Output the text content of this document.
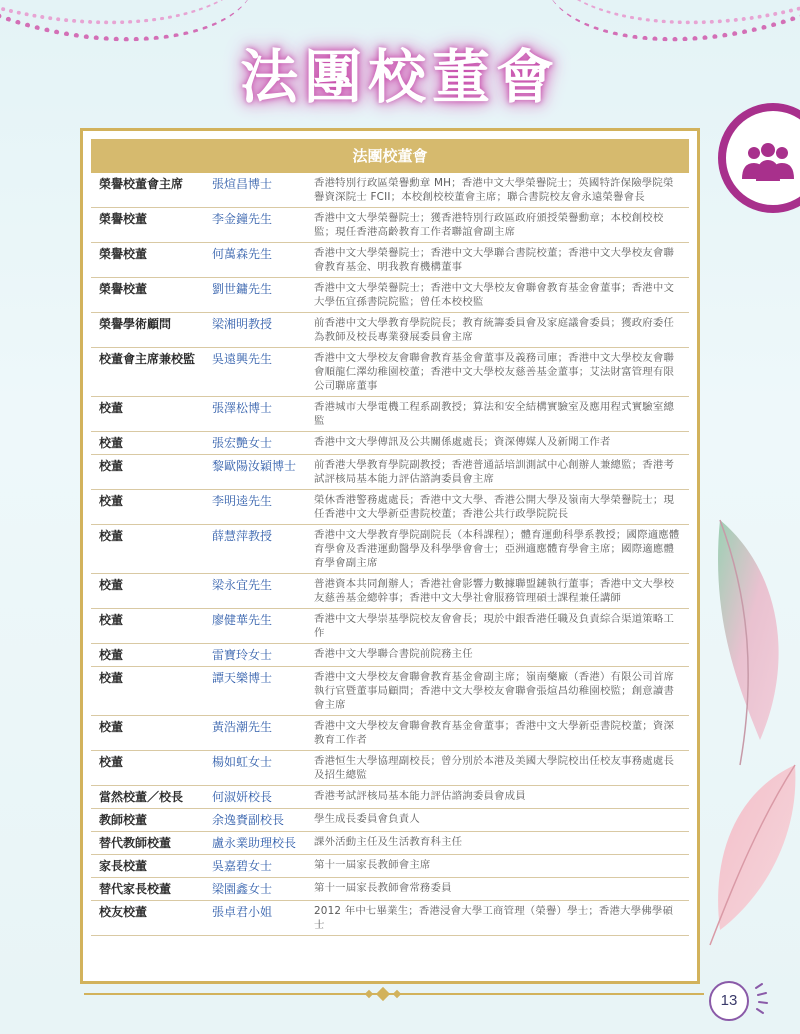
法團校董會
法團校董會
榮譽校董會主席	張煊昌博士	香港特別行政區榮譽勳章 MH；香港中文大學榮譽院士；英國特許保險學院榮譽資深院士 FCII；本校創校校董會主席；聯合書院校友會永遠榮譽會長
榮譽校董	李金鐘先生	香港中文大學榮譽院士；獲香港特別行政區政府頒授榮譽勳章；本校創校校監；現任香港高齡教育工作者聯誼會副主席
榮譽校董	何萬森先生	香港中文大學榮譽院士；香港中文大學聯合書院校董；香港中文大學校友會聯會教育基金、明我教育機構董事
榮譽校董	劉世鏞先生	香港中文大學榮譽院士；香港中文大學校友會聯會教育基金會董事；香港中文大學伍宜孫書院院監；曾任本校校監
榮譽學術顧問	梁湘明教授	前香港中文大學教育學院院長；教育統籌委員會及家庭議會委員；獲政府委任為教師及校長專業發展委員會主席
校董會主席兼校監	吳遠興先生	香港中文大學校友會聯會教育基金會董事及義務司庫；香港中文大學校友會聯會順龍仁澤幼稚園校董；香港中文大學校友慈善基金董事；艾法財富管理有限公司聯席董事
校董	張澤松博士	香港城市大學電機工程系副教授；算法和安全結構實驗室及應用程式實驗室總監
校董	張宏艷女士	香港中文大學傳訊及公共關係處處長；資深傳媒人及新聞工作者
校董	黎歐陽汝穎博士	前香港大學教育學院副教授；香港普通話培訓測試中心創辦人兼總監；香港考試評核局基本能力評估諮詢委員會主席
校董	李明逵先生	榮休香港警務處處長；香港中文大學、香港公開大學及嶺南大學榮譽院士；現任香港中文大學新亞書院校董；香港公共行政學院院長
校董	薛慧萍教授	香港中文大學教育學院副院長（本科課程）；體育運動科學系教授；國際適應體育學會及香港運動醫學及科學學會會士；亞洲適應體育學會主席；國際適應體育學會副主席
校董	梁永宜先生	普港資本共同創辦人；香港社會影響力數據聯盟鏈執行董事；香港中文大學校友慈善基金總幹事；香港中文大學社會服務管理碩士課程兼任講師
校董	廖健華先生	香港中文大學崇基學院校友會會長；現於中銀香港任職及負責綜合渠道策略工作
校董	雷寶玲女士	香港中文大學聯合書院前院務主任
校董	譚天樂博士	香港中文大學校友會聯會教育基金會副主席；嶺南藥廠（香港）有限公司首席執行官暨董事局顧問；香港中文大學校友會聯會張煊昌幼稚園校監；創意讀書會主席
校董	黃浩潮先生	香港中文大學校友會聯會教育基金會董事；香港中文大學新亞書院校董；資深教育工作者
校董	楊如虹女士	香港恒生大學協理副校長；曾分別於本港及美國大學院校出任校友事務處處長及招生總監
當然校董／校長	何淑妍校長	香港考試評核局基本能力評估諮詢委員會成員
教師校董	余逸賚副校長	學生成長委員會負責人
替代教師校董	盧永業助理校長	課外活動主任及生活教育科主任
家長校董	吳嘉碧女士	第十一屆家長教師會主席
替代家長校董	梁園鑫女士	第十一屆家長教師會常務委員
校友校董	張卓君小姐	2012 年中七畢業生；香港浸會大學工商管理（榮譽）學士；香港大學佛學碩士
13
